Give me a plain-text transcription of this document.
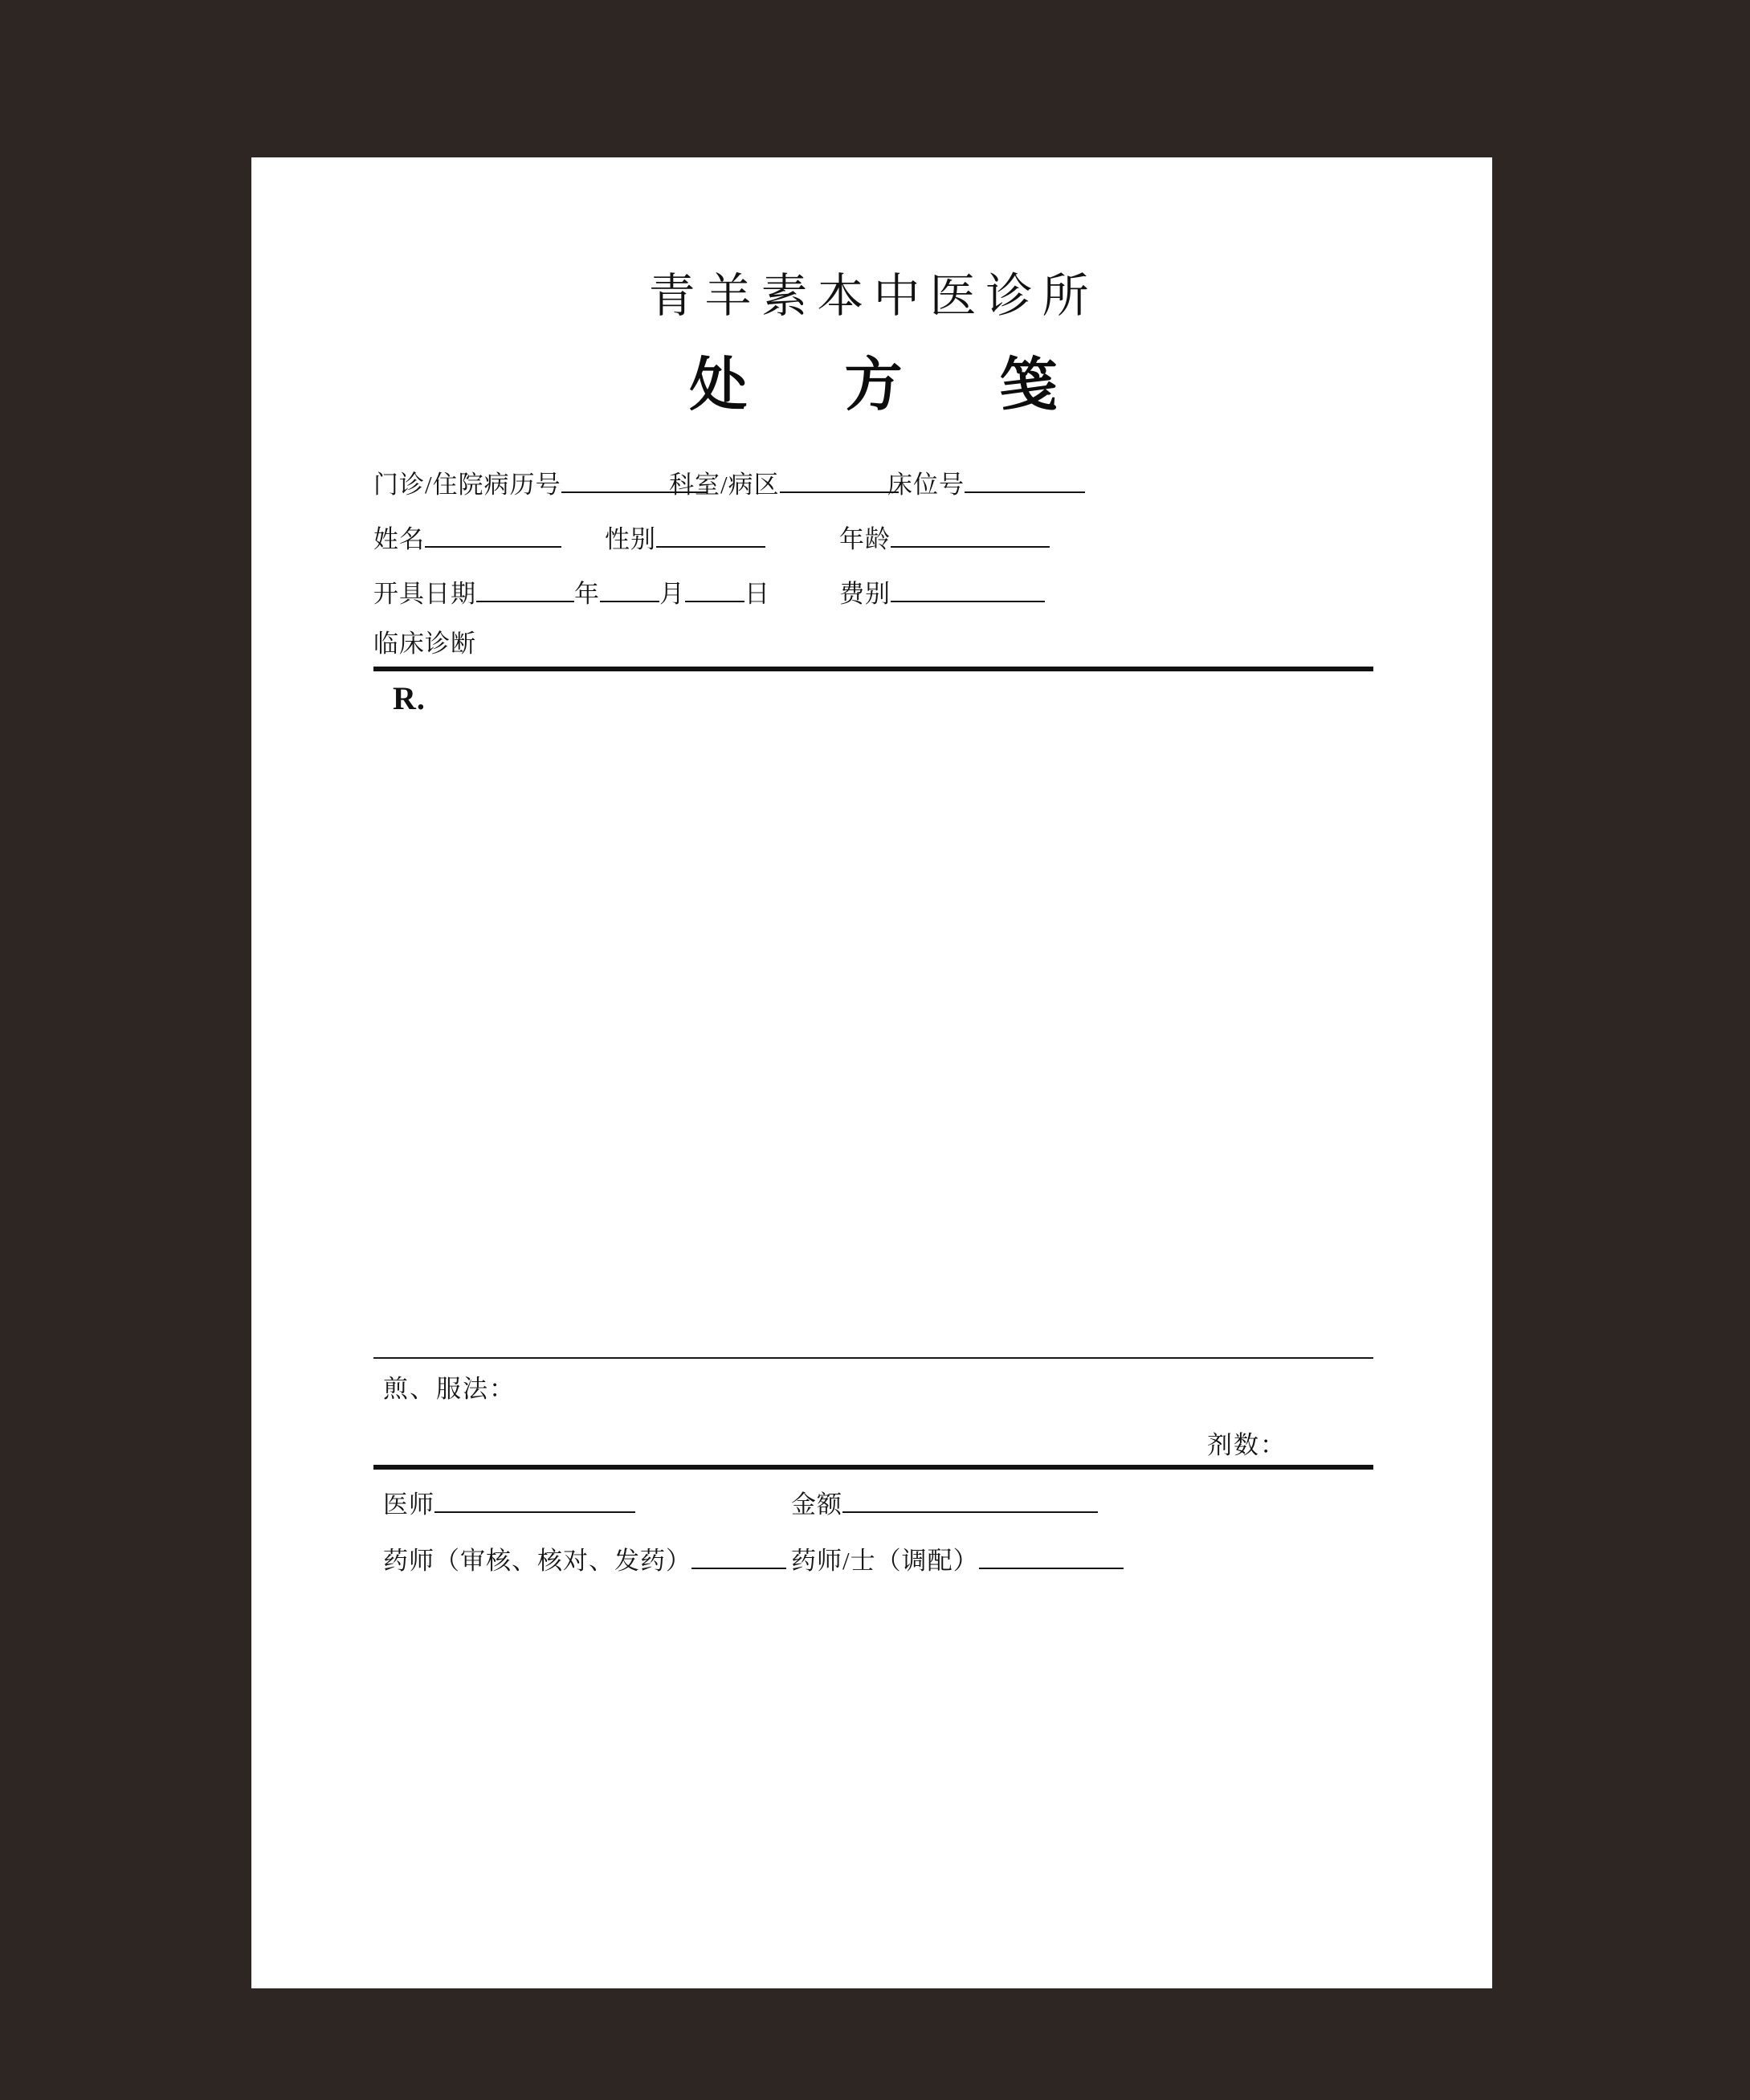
青羊素本中医诊所
处 方 笺
门诊/住院病历号	科室/病区	床位号
姓名	性别	年龄
开具日期	年 月 日	费别
临床诊断
R.
煎、服法：
剂数：
医师	金额
药师（审核、核对、发药）	药师/士（调配）
